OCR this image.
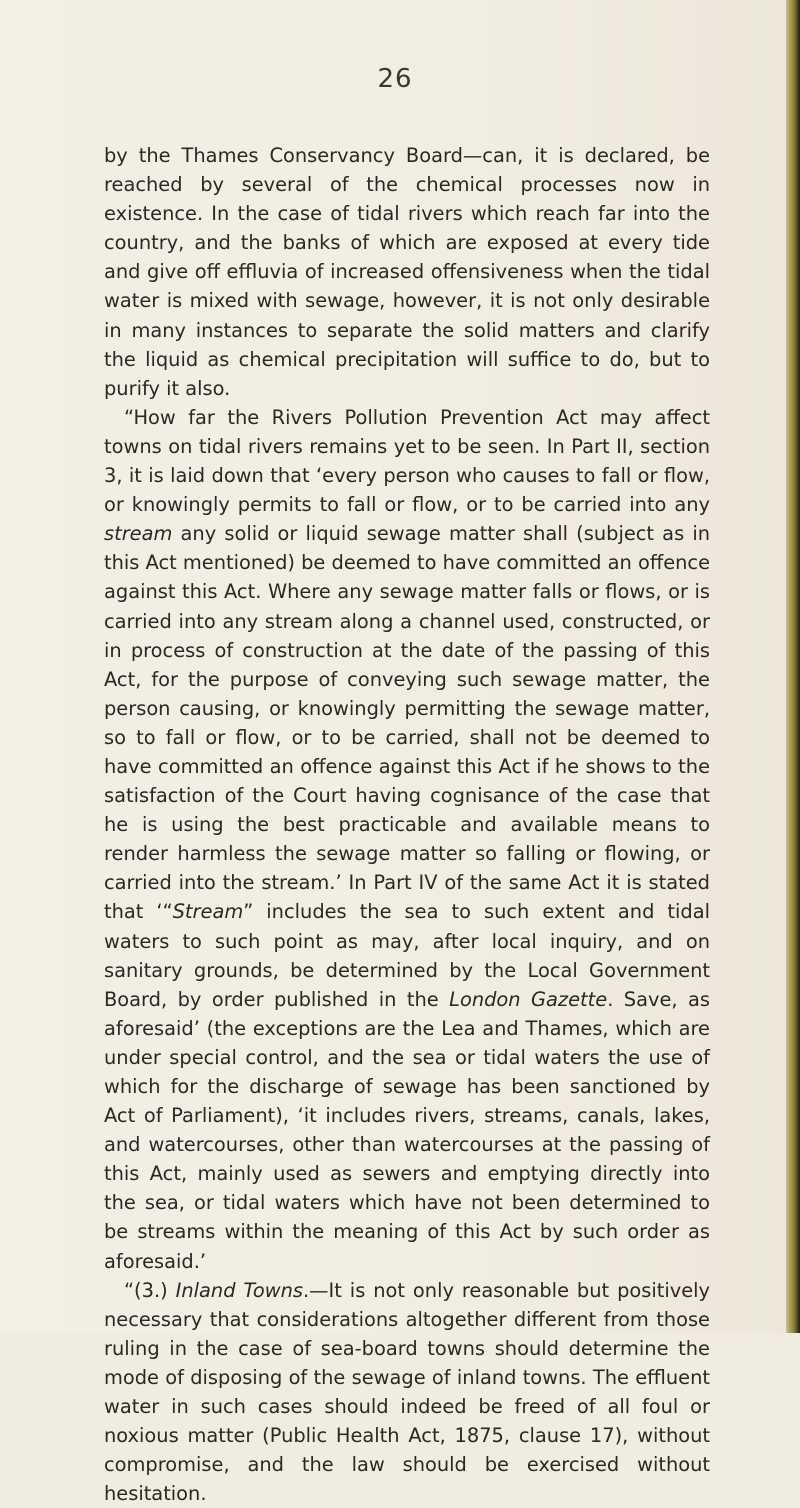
26

by the Thames Conservancy Board—can, it is declared, be reached by several of the chemical processes now in existence. In the case of tidal rivers which reach far into the country, and the banks of which are exposed at every tide and give off effluvia of increased offensiveness when the tidal water is mixed with sewage, however, it is not only desirable in many instances to separate the solid matters and clarify the liquid as chemical precipitation will suffice to do, but to purify it also.

“How far the Rivers Pollution Prevention Act may affect towns on tidal rivers remains yet to be seen. In Part II, section 3, it is laid down that ‘every person who causes to fall or flow, or knowingly permits to fall or flow, or to be carried into any stream any solid or liquid sewage matter shall (subject as in this Act mentioned) be deemed to have committed an offence against this Act. Where any sewage matter falls or flows, or is carried into any stream along a channel used, constructed, or in process of construction at the date of the passing of this Act, for the purpose of conveying such sewage matter, the person causing, or knowingly permitting the sewage matter, so to fall or flow, or to be carried, shall not be deemed to have committed an offence against this Act if he shows to the satisfaction of the Court having cognisance of the case that he is using the best practicable and available means to render harmless the sewage matter so falling or flowing, or carried into the stream.’ In Part IV of the same Act it is stated that ‘“Stream” includes the sea to such extent and tidal waters to such point as may, after local inquiry, and on sanitary grounds, be determined by the Local Government Board, by order published in the London Gazette. Save, as aforesaid’ (the exceptions are the Lea and Thames, which are under special control, and the sea or tidal waters the use of which for the discharge of sewage has been sanctioned by Act of Parliament), ‘it includes rivers, streams, canals, lakes, and watercourses, other than watercourses at the passing of this Act, mainly used as sewers and emptying directly into the sea, or tidal waters which have not been determined to be streams within the meaning of this Act by such order as aforesaid.’

“(3.) Inland Towns.—It is not only reasonable but positively necessary that considerations altogether different from those ruling in the case of sea-board towns should determine the mode of disposing of the sewage of inland towns. The effluent water in such cases should indeed be freed of all foul or noxious matter (Public Health Act, 1875, clause 17), without compromise, and the law should be exercised without hesitation.
